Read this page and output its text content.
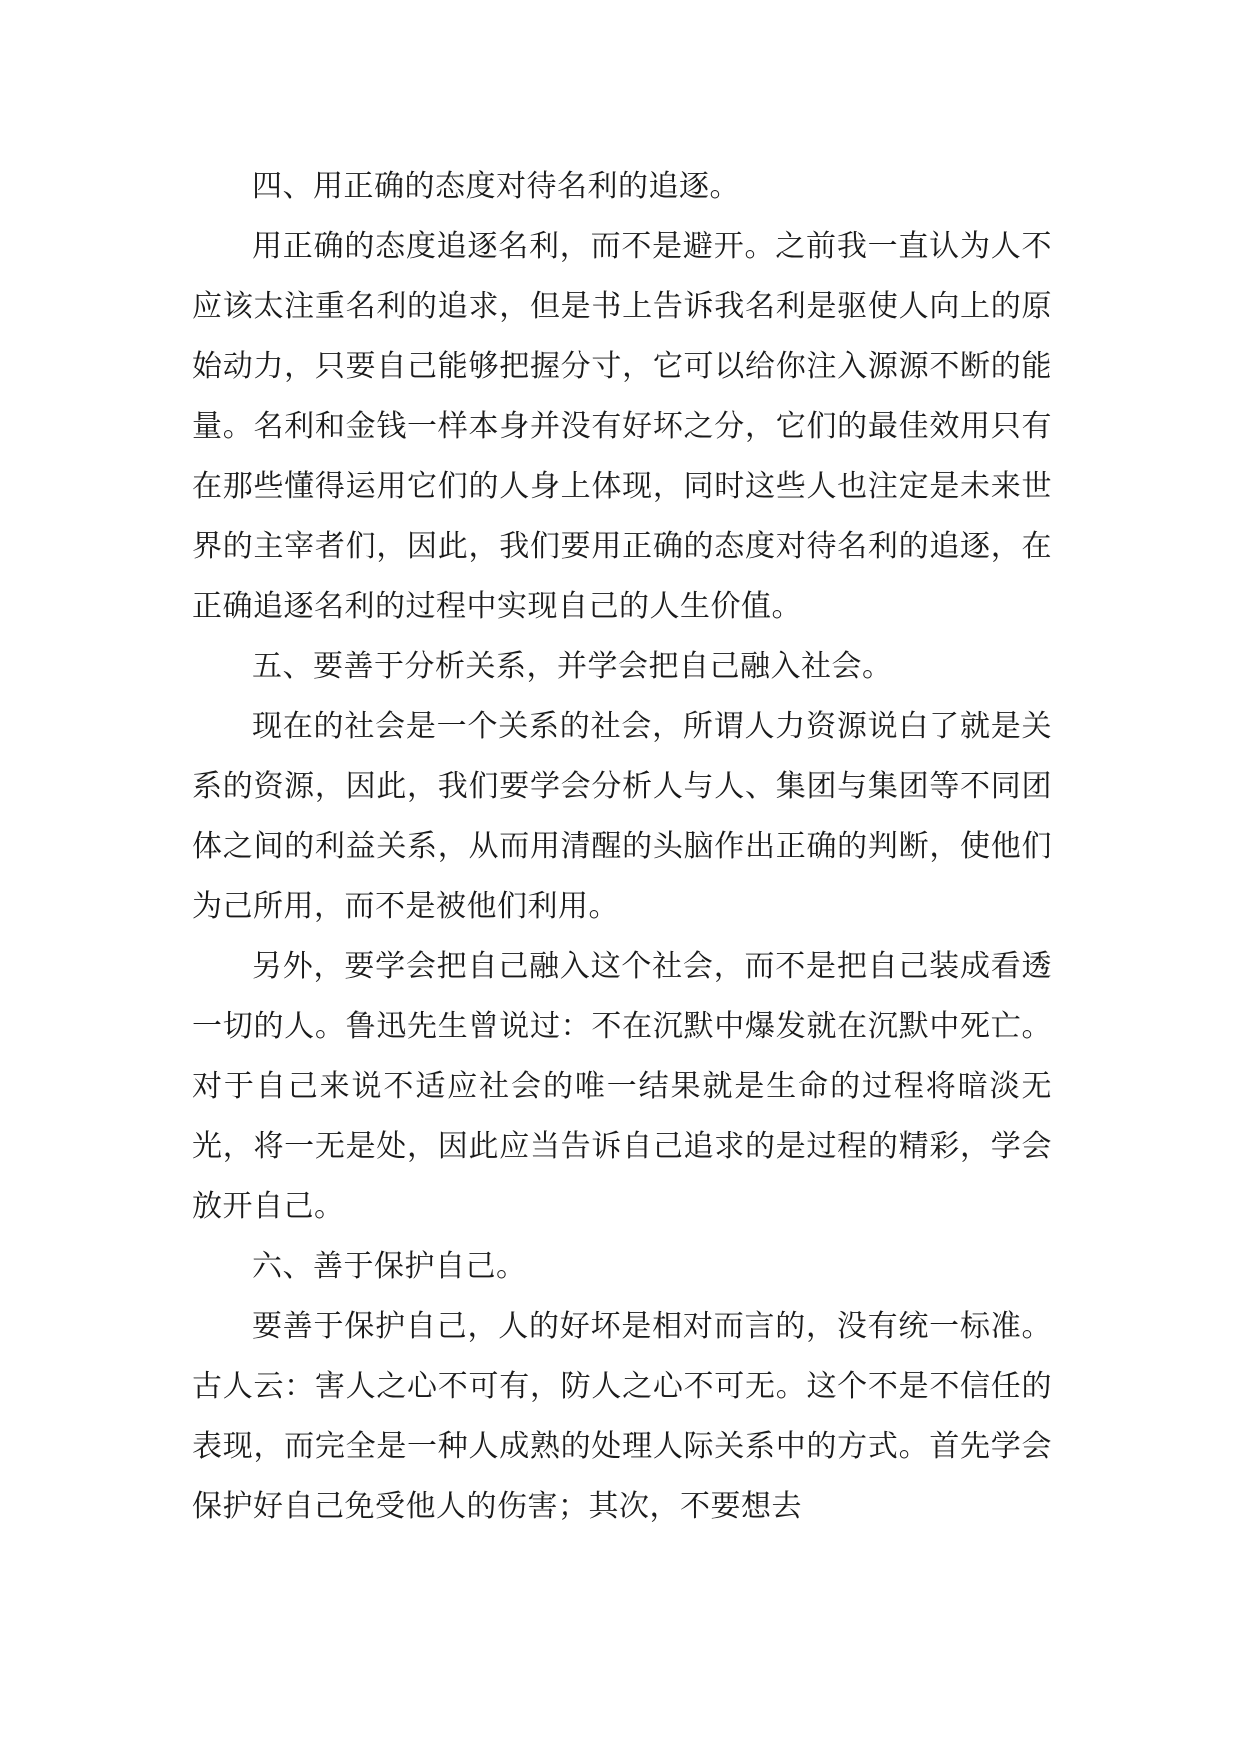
四、用正确的态度对待名利的追逐。

用正确的态度追逐名利，而不是避开。之前我一直认为人不应该太注重名利的追求，但是书上告诉我名利是驱使人向上的原始动力，只要自己能够把握分寸，它可以给你注入源源不断的能量。名利和金钱一样本身并没有好坏之分，它们的最佳效用只有在那些懂得运用它们的人身上体现，同时这些人也注定是未来世界的主宰者们，因此，我们要用正确的态度对待名利的追逐，在正确追逐名利的过程中实现自己的人生价值。

五、要善于分析关系，并学会把自己融入社会。

现在的社会是一个关系的社会，所谓人力资源说白了就是关系的资源，因此，我们要学会分析人与人、集团与集团等不同团体之间的利益关系，从而用清醒的头脑作出正确的判断，使他们为己所用，而不是被他们利用。

另外，要学会把自己融入这个社会，而不是把自己装成看透一切的人。鲁迅先生曾说过：不在沉默中爆发就在沉默中死亡。对于自己来说不适应社会的唯一结果就是生命的过程将暗淡无光，将一无是处，因此应当告诉自己追求的是过程的精彩，学会放开自己。

六、善于保护自己。

要善于保护自己，人的好坏是相对而言的，没有统一标准。古人云：害人之心不可有，防人之心不可无。这个不是不信任的表现，而完全是一种人成熟的处理人际关系中的方式。首先学会保护好自己免受他人的伤害；其次，不要想去
